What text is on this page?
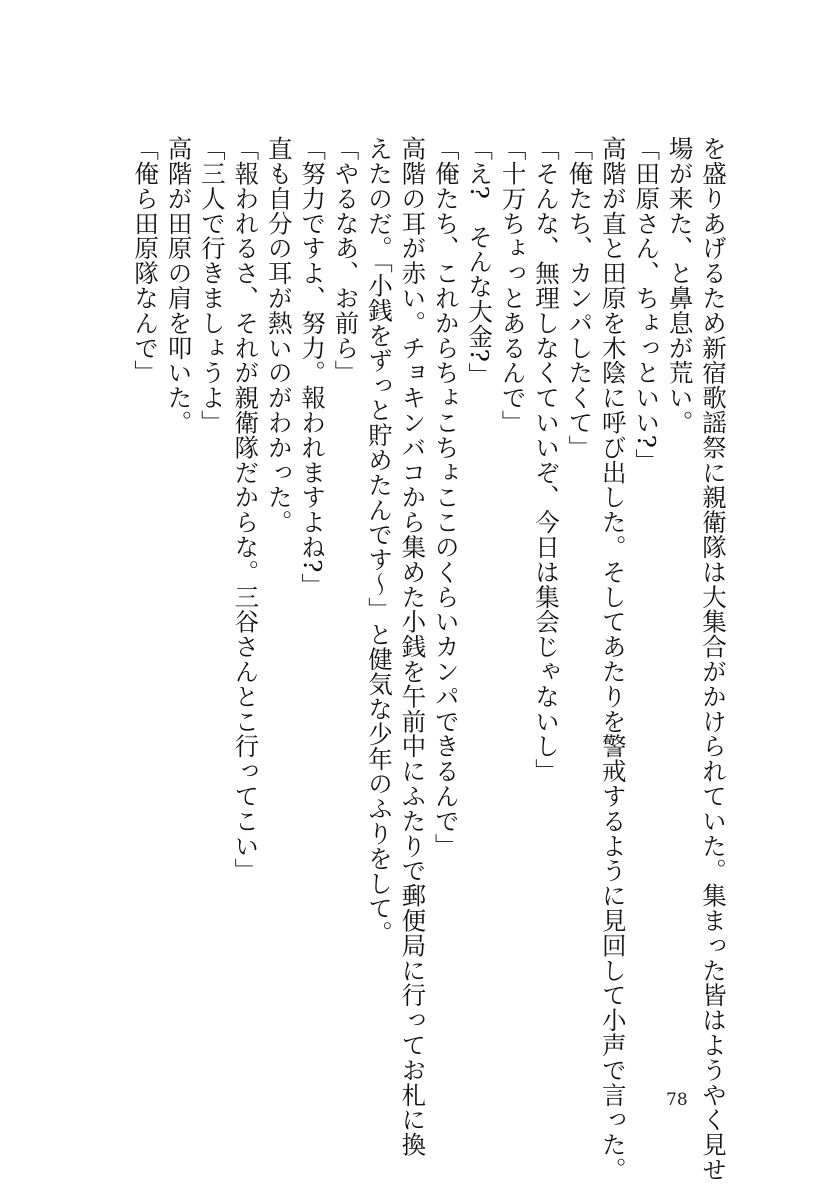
を盛りあげるため新宿歌謡祭に親衛隊は大集合がかけられていた。集まった皆はようやく見せ
場が来た、と鼻息が荒い。
「田原さん、ちょっといい?」
高階が直と田原を木陰に呼び出した。そしてあたりを警戒するように見回して小声で言った。
「俺たち、カンパしたくて」
「そんな、無理しなくていいぞ、今日は集会じゃないし」
「十万ちょっとあるんで」
「え?　そんな大金?」
「俺たち、これからちょこちょここのくらいカンパできるんで」
高階の耳が赤い。チョキンバコから集めた小銭を午前中にふたりで郵便局に行ってお札に換
えたのだ。「小銭をずっと貯めたんです〜」と健気な少年のふりをして。
「やるなあ、お前ら」
「努力ですよ、努力。報われますよね?」
直も自分の耳が熱いのがわかった。
「報われるさ、それが親衛隊だからな。三谷さんとこ行ってこい」
「三人で行きましょうよ」
高階が田原の肩を叩いた。
「俺ら田原隊なんで」
78
